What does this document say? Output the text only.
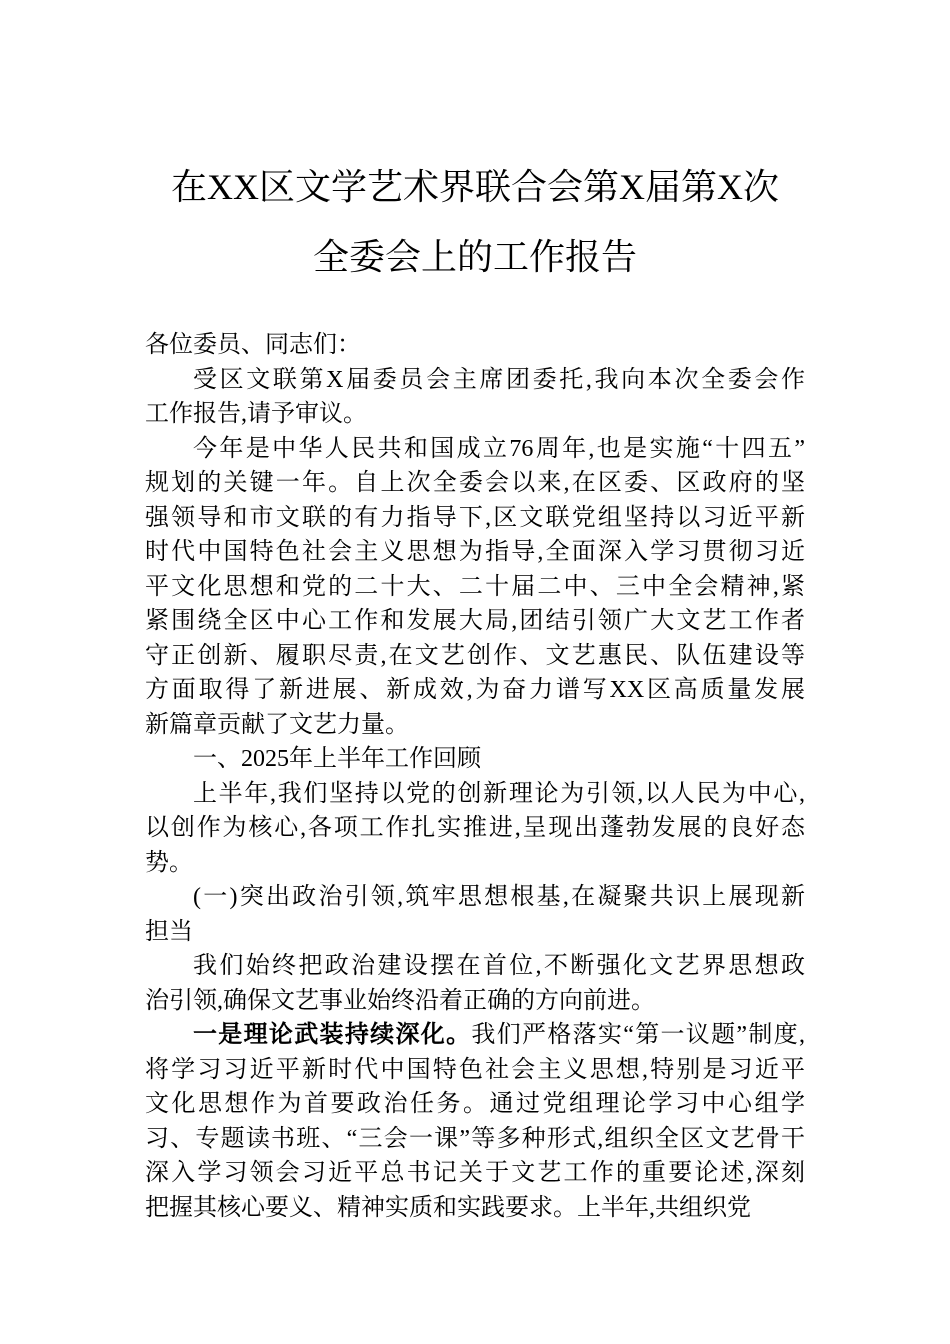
在XX区文学艺术界联合会第X届第X次
全委会上的工作报告
各位委员、同志们：
受区文联第X届委员会主席团委托,我向本次全委会作
工作报告,请予审议。
今年是中华人民共和国成立76周年,也是实施“十四五”
规划的关键一年。自上次全委会以来,在区委、区政府的坚
强领导和市文联的有力指导下,区文联党组坚持以习近平新
时代中国特色社会主义思想为指导,全面深入学习贯彻习近
平文化思想和党的二十大、二十届二中、三中全会精神,紧
紧围绕全区中心工作和发展大局,团结引领广大文艺工作者
守正创新、履职尽责,在文艺创作、文艺惠民、队伍建设等
方面取得了新进展、新成效,为奋力谱写XX区高质量发展
新篇章贡献了文艺力量。
一、2025年上半年工作回顾
上半年,我们坚持以党的创新理论为引领,以人民为中心,
以创作为核心,各项工作扎实推进,呈现出蓬勃发展的良好态
势。
(一)突出政治引领,筑牢思想根基,在凝聚共识上展现新
担当
我们始终把政治建设摆在首位,不断强化文艺界思想政
治引领,确保文艺事业始终沿着正确的方向前进。
一是理论武装持续深化。我们严格落实“第一议题”制度,
将学习习近平新时代中国特色社会主义思想,特别是习近平
文化思想作为首要政治任务。通过党组理论学习中心组学
习、专题读书班、“三会一课”等多种形式,组织全区文艺骨干
深入学习领会习近平总书记关于文艺工作的重要论述,深刻
把握其核心要义、精神实质和实践要求。上半年,共组织党
